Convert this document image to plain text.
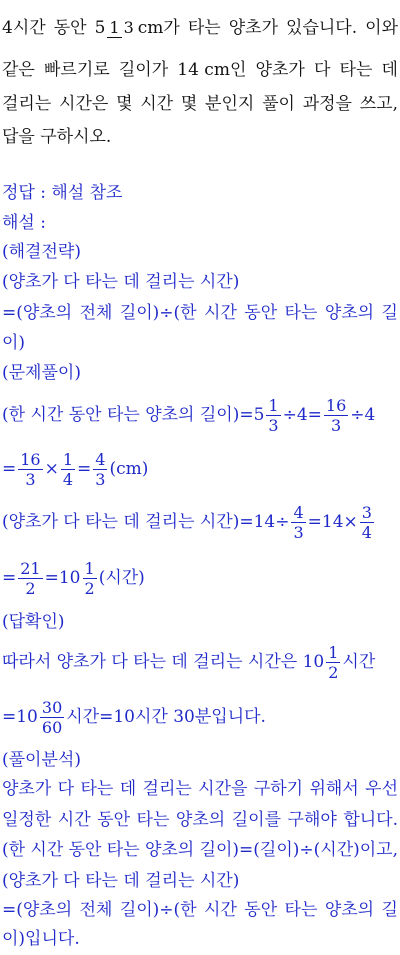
4시간 동안 5 1 3 cm가 타는 양초가 있습니다. 이와
같은 빠르기로 길이가 14 cm인 양초가 다 타는 데
걸리는 시간은 몇 시간 몇 분인지 풀이 과정을 쓰고,
답을 구하시오.
정답 : 해설 참조
해설 :
(해결전략)
(양초가 다 타는 데 걸리는 시간)
=(양초의 전체 길이)÷(한 시간 동안 타는 양초의 길
이)
(문제풀이)
(한 시간 동안 타는 양초의 길이)$=5 \frac{1}{3} \div 4= \frac{16}{3} \div 4$
= $\frac{16}{3} \times \frac{1}{4} = \frac{4}{3} (cm)$
(양초가 다 타는 데 걸리는 시간)$=14\div \frac{4}{3} =14\times \frac{3}{4}$
= $\frac{21}{2} =10 \frac{1}{2}$ (시간)
(답확인)
따라서 양초가 다 타는 데 걸리는 시간은 $10 \frac{1}{2}$ 시간
$=10 \frac{30}{60}$ 시간=10시간 30분입니다.
(풀이분석)
양초가 다 타는 데 걸리는 시간을 구하기 위해서 우선
일정한 시간 동안 타는 양초의 길이를 구해야 합니다.
(한 시간 동안 타는 양초의 길이)=(길이)÷(시간)이고,
(양초가 다 타는 데 걸리는 시간)
=(양초의 전체 길이)÷(한 시간 동안 타는 양초의 길
이)입니다.
